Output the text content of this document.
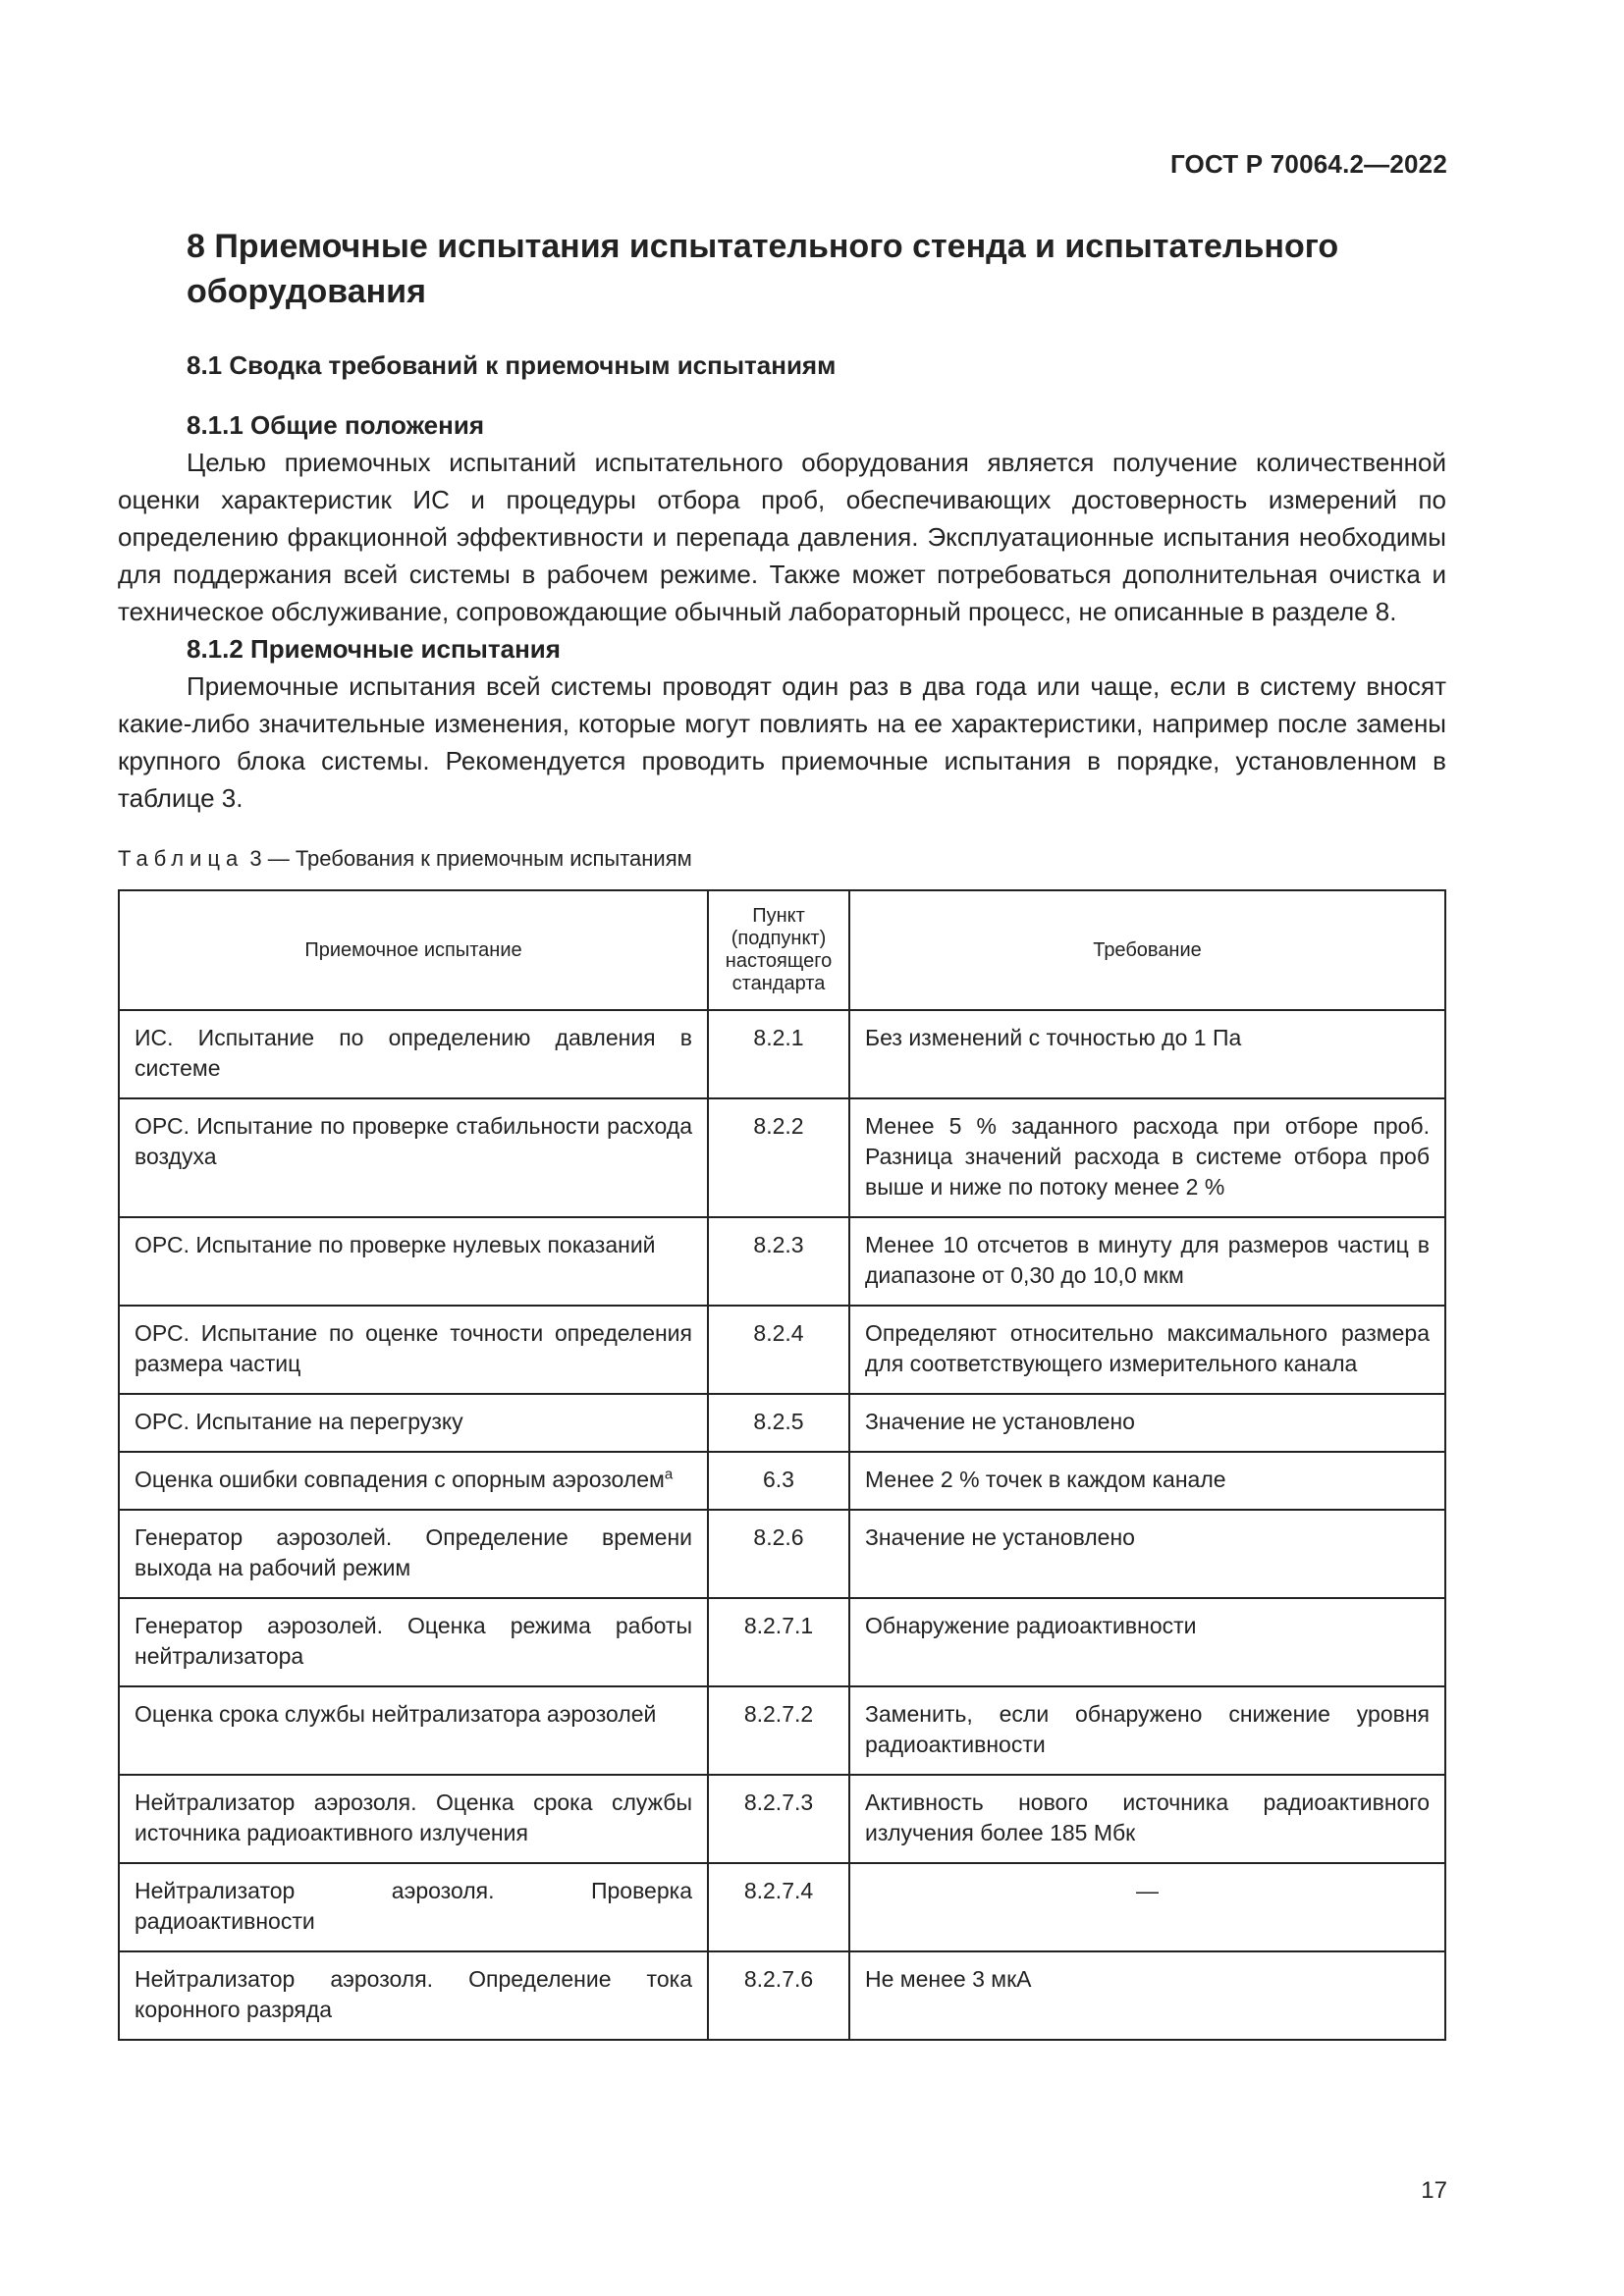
ГОСТ Р 70064.2—2022
8 Приемочные испытания испытательного стенда и испытательного оборудования
8.1 Сводка требований к приемочным испытаниям
8.1.1 Общие положения

Целью приемочных испытаний испытательного оборудования является получение количественной оценки характеристик ИС и процедуры отбора проб, обеспечивающих достоверность измерений по определению фракционной эффективности и перепада давления. Эксплуатационные испытания необходимы для поддержания всей системы в рабочем режиме. Также может потребоваться дополнительная очистка и техническое обслуживание, сопровождающие обычный лабораторный процесс, не описанные в разделе 8.

8.1.2 Приемочные испытания

Приемочные испытания всей системы проводят один раз в два года или чаще, если в систему вносят какие-либо значительные изменения, которые могут повлиять на ее характеристики, например после замены крупного блока системы. Рекомендуется проводить приемочные испытания в порядке, установленном в таблице 3.

Таблица 3 — Требования к приемочным испытаниям
Приемочное испытание	Пункт (подпункт) настоящего стандарта	Требование
ИС. Испытание по определению давления в системе	8.2.1	Без изменений с точностью до 1 Па
ОРС. Испытание по проверке стабильности расхода воздуха	8.2.2	Менее 5 % заданного расхода при отборе проб. Разница значений расхода в системе отбора проб выше и ниже по потоку менее 2 %
ОРС. Испытание по проверке нулевых показаний	8.2.3	Менее 10 отсчетов в минуту для размеров частиц в диапазоне от 0,30 до 10,0 мкм
ОРС. Испытание по оценке точности определения размера частиц	8.2.4	Определяют относительно максимального размера для соответствующего измерительного канала
ОРС. Испытание на перегрузку	8.2.5	Значение не установлено
Оценка ошибки совпадения с опорным аэрозолем$^а$	6.3	Менее 2 % точек в каждом канале
Генератор аэрозолей. Определение времени выхода на рабочий режим	8.2.6	Значение не установлено
Генератор аэрозолей. Оценка режима работы нейтрализатора	8.2.7.1	Обнаружение радиоактивности
Оценка срока службы нейтрализатора аэрозолей	8.2.7.2	Заменить, если обнаружено снижение уровня радиоактивности
Нейтрализатор аэрозоля. Оценка срока службы источника радиоактивного излучения	8.2.7.3	Активность нового источника радиоактивного излучения более 185 Мбк
Нейтрализатор аэрозоля. Проверка радиоактивности	8.2.7.4	—
Нейтрализатор аэрозоля. Определение тока коронного разряда	8.2.7.6	Не менее 3 мкА
17
